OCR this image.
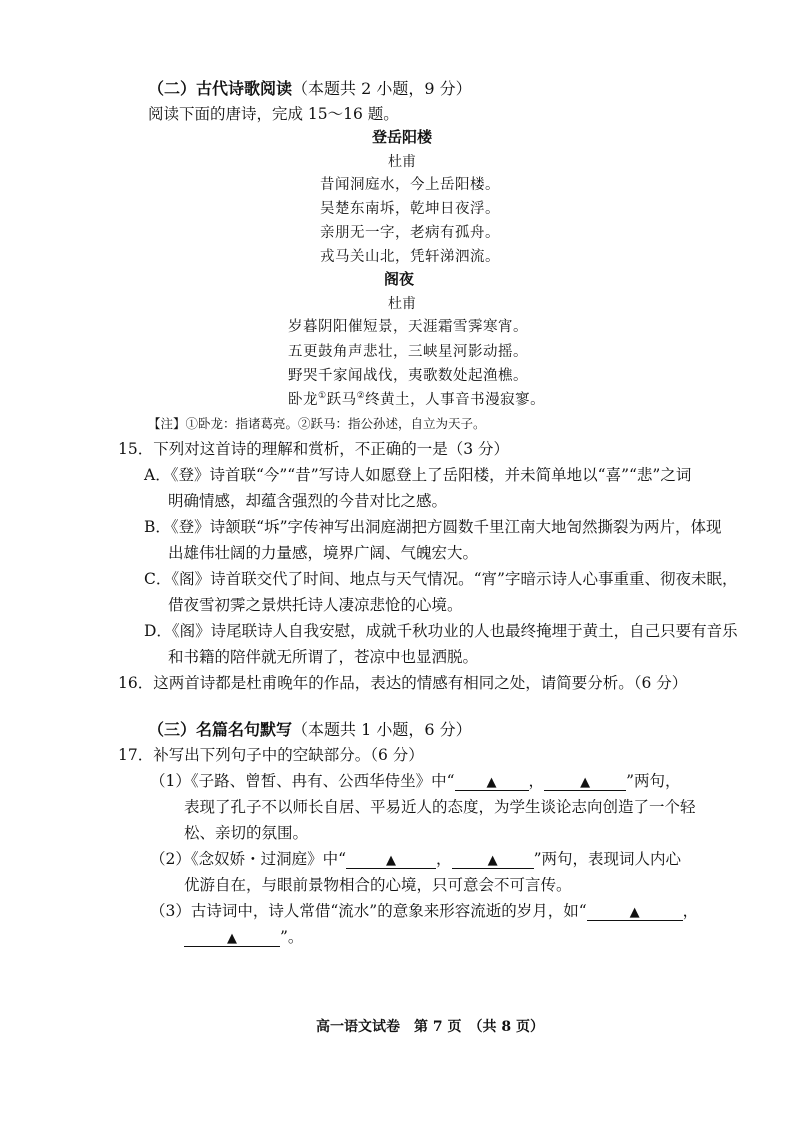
（二）古代诗歌阅读（本题共 2 小题，9 分）
阅读下面的唐诗，完成 15～16 题。
登岳阳楼
杜甫
昔闻洞庭水，今上岳阳楼。
吴楚东南坼，乾坤日夜浮。
亲朋无一字，老病有孤舟。
戎马关山北，凭轩涕泗流。
阁夜
杜甫
岁暮阴阳催短景，天涯霜雪霁寒宵。
五更鼓角声悲壮，三峡星河影动摇。
野哭千家闻战伐，夷歌数处起渔樵。
卧龙①跃马②终黄土，人事音书漫寂寥。
【注】①卧龙：指诸葛亮。②跃马：指公孙述，自立为天子。
15．下列对这首诗的理解和赏析，不正确的一是（3 分）
A．《登》诗首联“今”“昔”写诗人如愿登上了岳阳楼，并未简单地以“喜”“悲”之词
明确情感，却蕴含强烈的今昔对比之感。
B．《登》诗颔联“坼”字传神写出洞庭湖把方圆数千里江南大地訇然撕裂为两片，体现
出雄伟壮阔的力量感，境界广阔、气魄宏大。
C．《阁》诗首联交代了时间、地点与天气情况。“宵”字暗示诗人心事重重、彻夜未眠，
借夜雪初霁之景烘托诗人凄凉悲怆的心境。
D．《阁》诗尾联诗人自我安慰，成就千秋功业的人也最终掩埋于黄土，自己只要有音乐
和书籍的陪伴就无所谓了，苍凉中也显洒脱。
16．这两首诗都是杜甫晚年的作品，表达的情感有相同之处，请简要分析。（6 分）
（三）名篇名句默写（本题共 1 小题，6 分）
17．补写出下列句子中的空缺部分。（6 分）
（1）《子路、曾皙、冉有、公西华侍坐》中“ ▲ ，	▲ ”两句，
表现了孔子不以师长自居、平易近人的态度，为学生谈论志向创造了一个轻
松、亲切的氛围。
（2）《念奴娇・过洞庭》中“	▲	，	▲ ”两句，表现词人内心
优游自在，与眼前景物相合的心境，只可意会不可言传。
（3）古诗词中，诗人常借“流水”的意象来形容流逝的岁月，如“	▲	，
▲	”。
高一语文试卷　第 7 页　（共 8 页）
